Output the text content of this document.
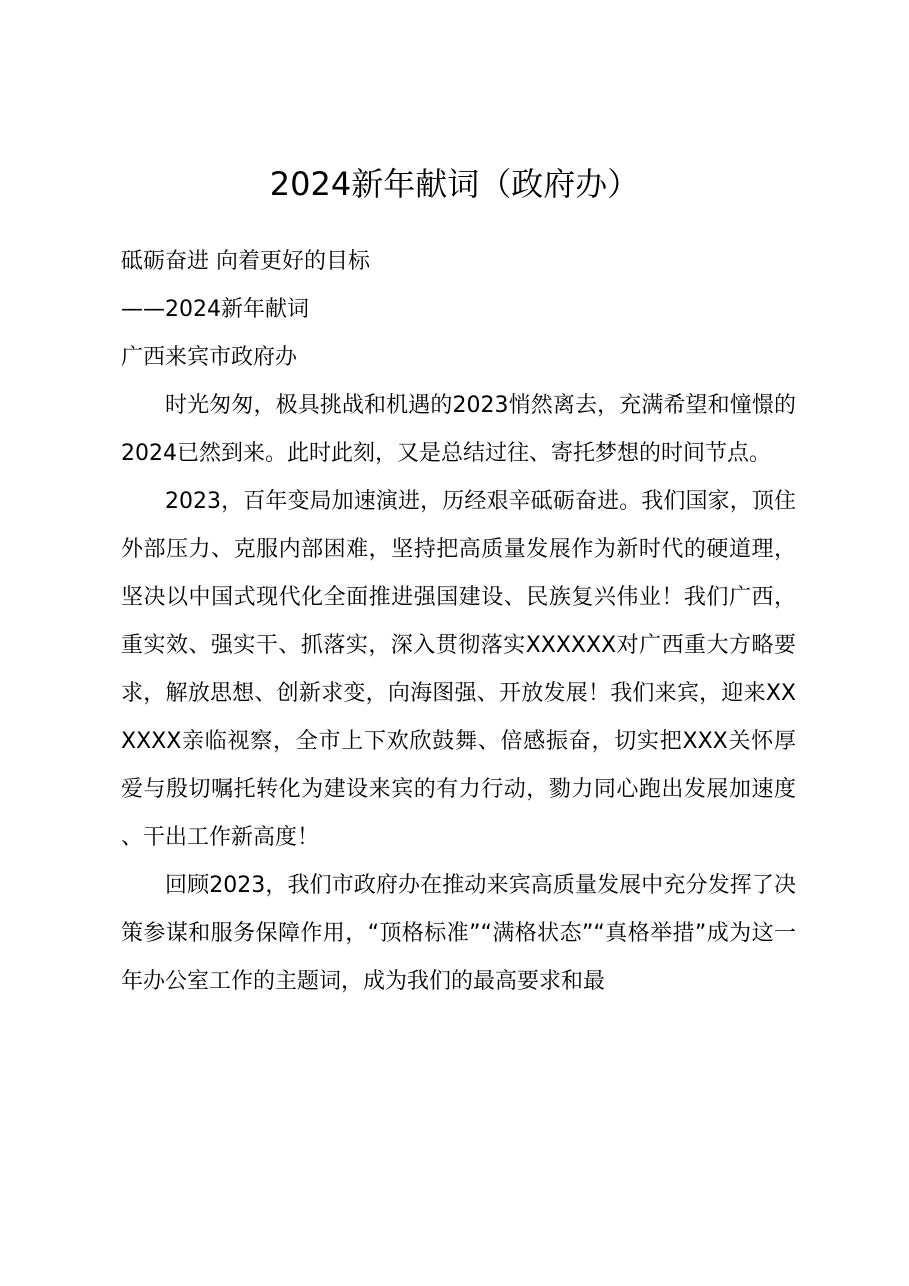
2024新年献词（政府办）
砥砺奋进 向着更好的目标
——2024新年献词
广西来宾市政府办

时光匆匆，极具挑战和机遇的2023悄然离去，充满希望和憧憬的2024已然到来。此时此刻，又是总结过往、寄托梦想的时间节点。

2023，百年变局加速演进，历经艰辛砥砺奋进。我们国家，顶住外部压力、克服内部困难，坚持把高质量发展作为新时代的硬道理，坚决以中国式现代化全面推进强国建设、民族复兴伟业！我们广西，重实效、强实干、抓落实，深入贯彻落实XXXXXX对广西重大方略要求，解放思想、创新求变，向海图强、开放发展！我们来宾，迎来XXXXXX亲临视察，全市上下欢欣鼓舞、倍感振奋，切实把XXX关怀厚爱与殷切嘱托转化为建设来宾的有力行动，勠力同心跑出发展加速度、干出工作新高度！

回顾2023，我们市政府办在推动来宾高质量发展中充分发挥了决策参谋和服务保障作用，“顶格标准”“满格状态”“真格举措”成为这一年办公室工作的主题词，成为我们的最高要求和最
